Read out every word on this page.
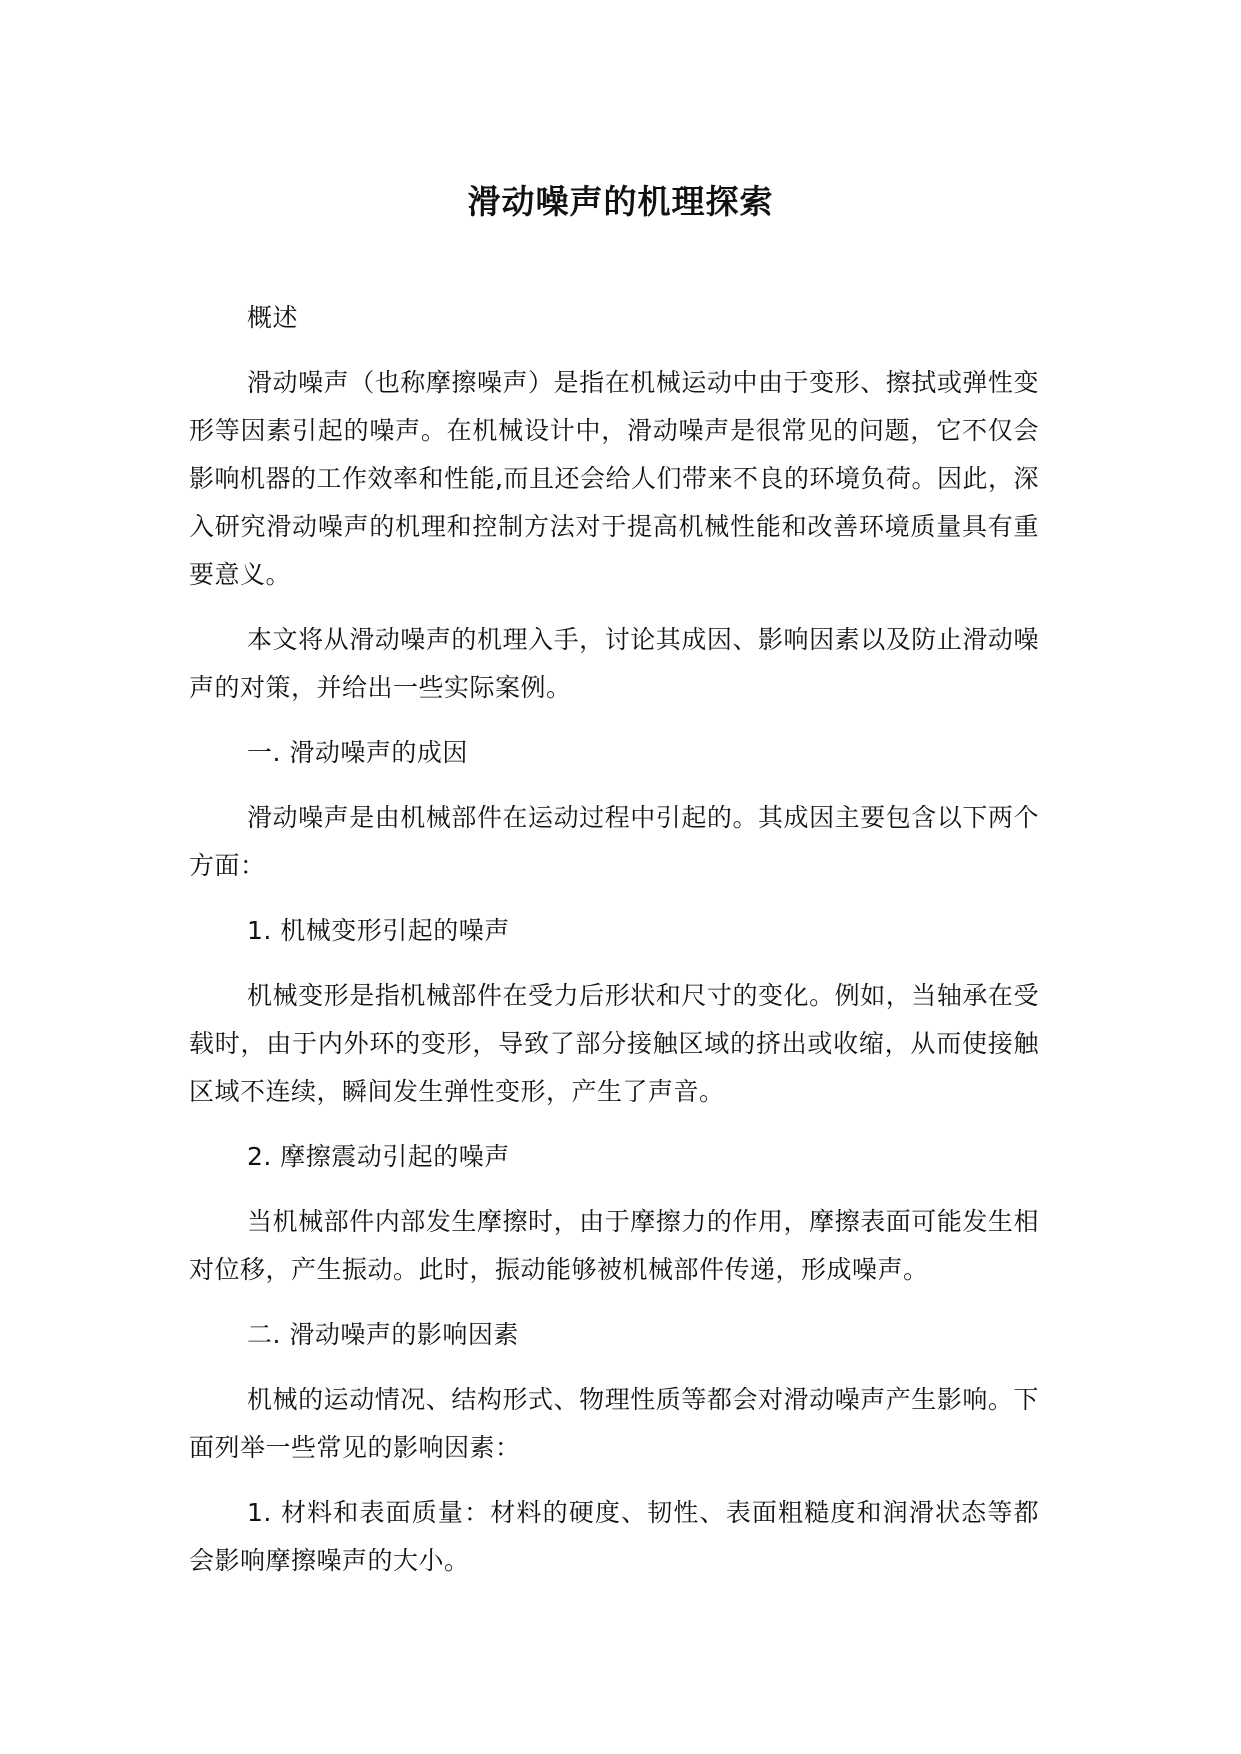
滑动噪声的机理探索

概述

滑动噪声（也称摩擦噪声）是指在机械运动中由于变形、擦拭或弹性变形等因素引起的噪声。在机械设计中，滑动噪声是很常见的问题，它不仅会影响机器的工作效率和性能,而且还会给人们带来不良的环境负荷。因此，深入研究滑动噪声的机理和控制方法对于提高机械性能和改善环境质量具有重要意义。

本文将从滑动噪声的机理入手，讨论其成因、影响因素以及防止滑动噪声的对策，并给出一些实际案例。

一. 滑动噪声的成因

滑动噪声是由机械部件在运动过程中引起的。其成因主要包含以下两个方面：

1. 机械变形引起的噪声

机械变形是指机械部件在受力后形状和尺寸的变化。例如，当轴承在受载时，由于内外环的变形，导致了部分接触区域的挤出或收缩，从而使接触区域不连续，瞬间发生弹性变形，产生了声音。

2. 摩擦震动引起的噪声

当机械部件内部发生摩擦时，由于摩擦力的作用，摩擦表面可能发生相对位移，产生振动。此时，振动能够被机械部件传递，形成噪声。

二. 滑动噪声的影响因素

机械的运动情况、结构形式、物理性质等都会对滑动噪声产生影响。下面列举一些常见的影响因素：

1. 材料和表面质量：材料的硬度、韧性、表面粗糙度和润滑状态等都会影响摩擦噪声的大小。
